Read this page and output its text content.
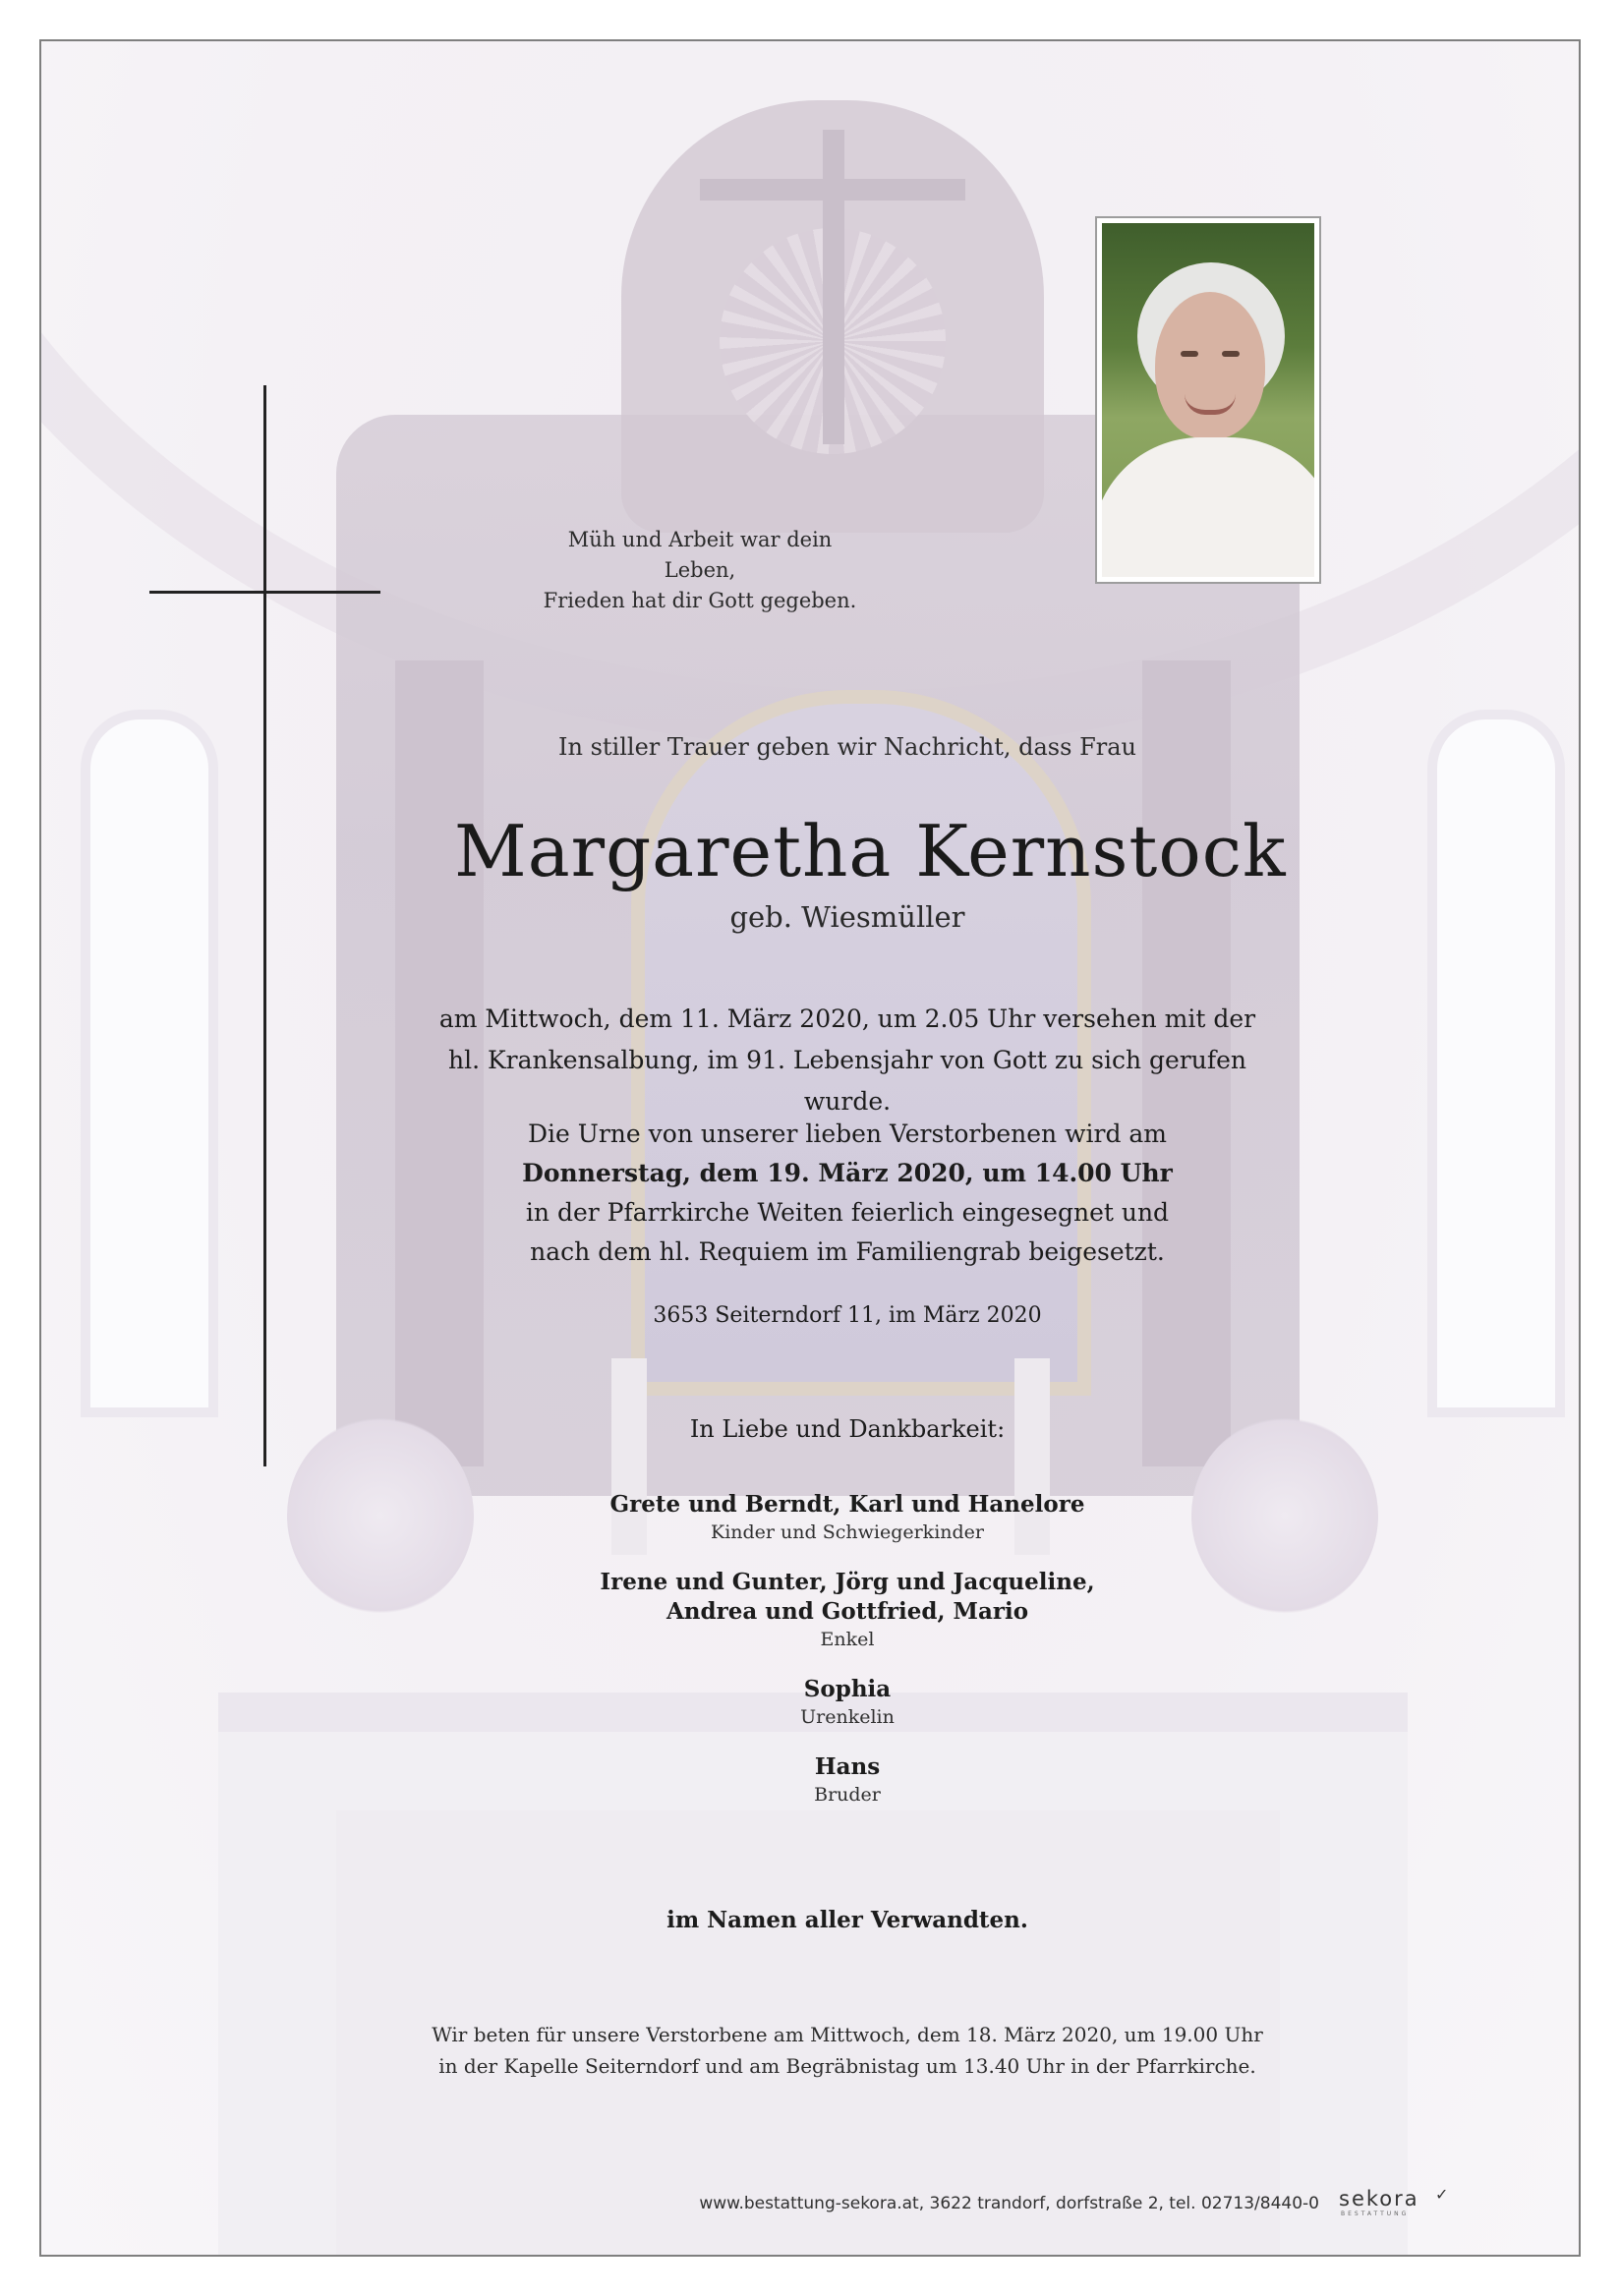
Müh und Arbeit war dein Leben,
Frieden hat dir Gott gegeben.
In stiller Trauer geben wir Nachricht, dass Frau
Margaretha Kernstock
geb. Wiesmüller
am Mittwoch, dem 11. März 2020, um 2.05 Uhr versehen mit der
hl. Krankensalbung, im 91. Lebensjahr von Gott zu sich gerufen wurde.
Die Urne von unserer lieben Verstorbenen wird am
Donnerstag, dem 19. März 2020, um 14.00 Uhr
in der Pfarrkirche Weiten feierlich eingesegnet und
nach dem hl. Requiem im Familiengrab beigesetzt.
3653 Seiterndorf 11, im März 2020
In Liebe und Dankbarkeit:
Grete und Berndt, Karl und Hanelore
Kinder und Schwiegerkinder
Irene und Gunter, Jörg und Jacqueline,
Andrea und Gottfried, Mario
Enkel
Sophia
Urenkelin
Hans
Bruder
im Namen aller Verwandten.
Wir beten für unsere Verstorbene am Mittwoch, dem 18. März 2020, um 19.00 Uhr
in der Kapelle Seiterndorf und am Begräbnistag um 13.40 Uhr in der Pfarrkirche.
www.bestattung-sekora.at, 3622 trandorf, dorfstraße 2, tel. 02713/8440-0 sekora
BESTATTUNG
✓
